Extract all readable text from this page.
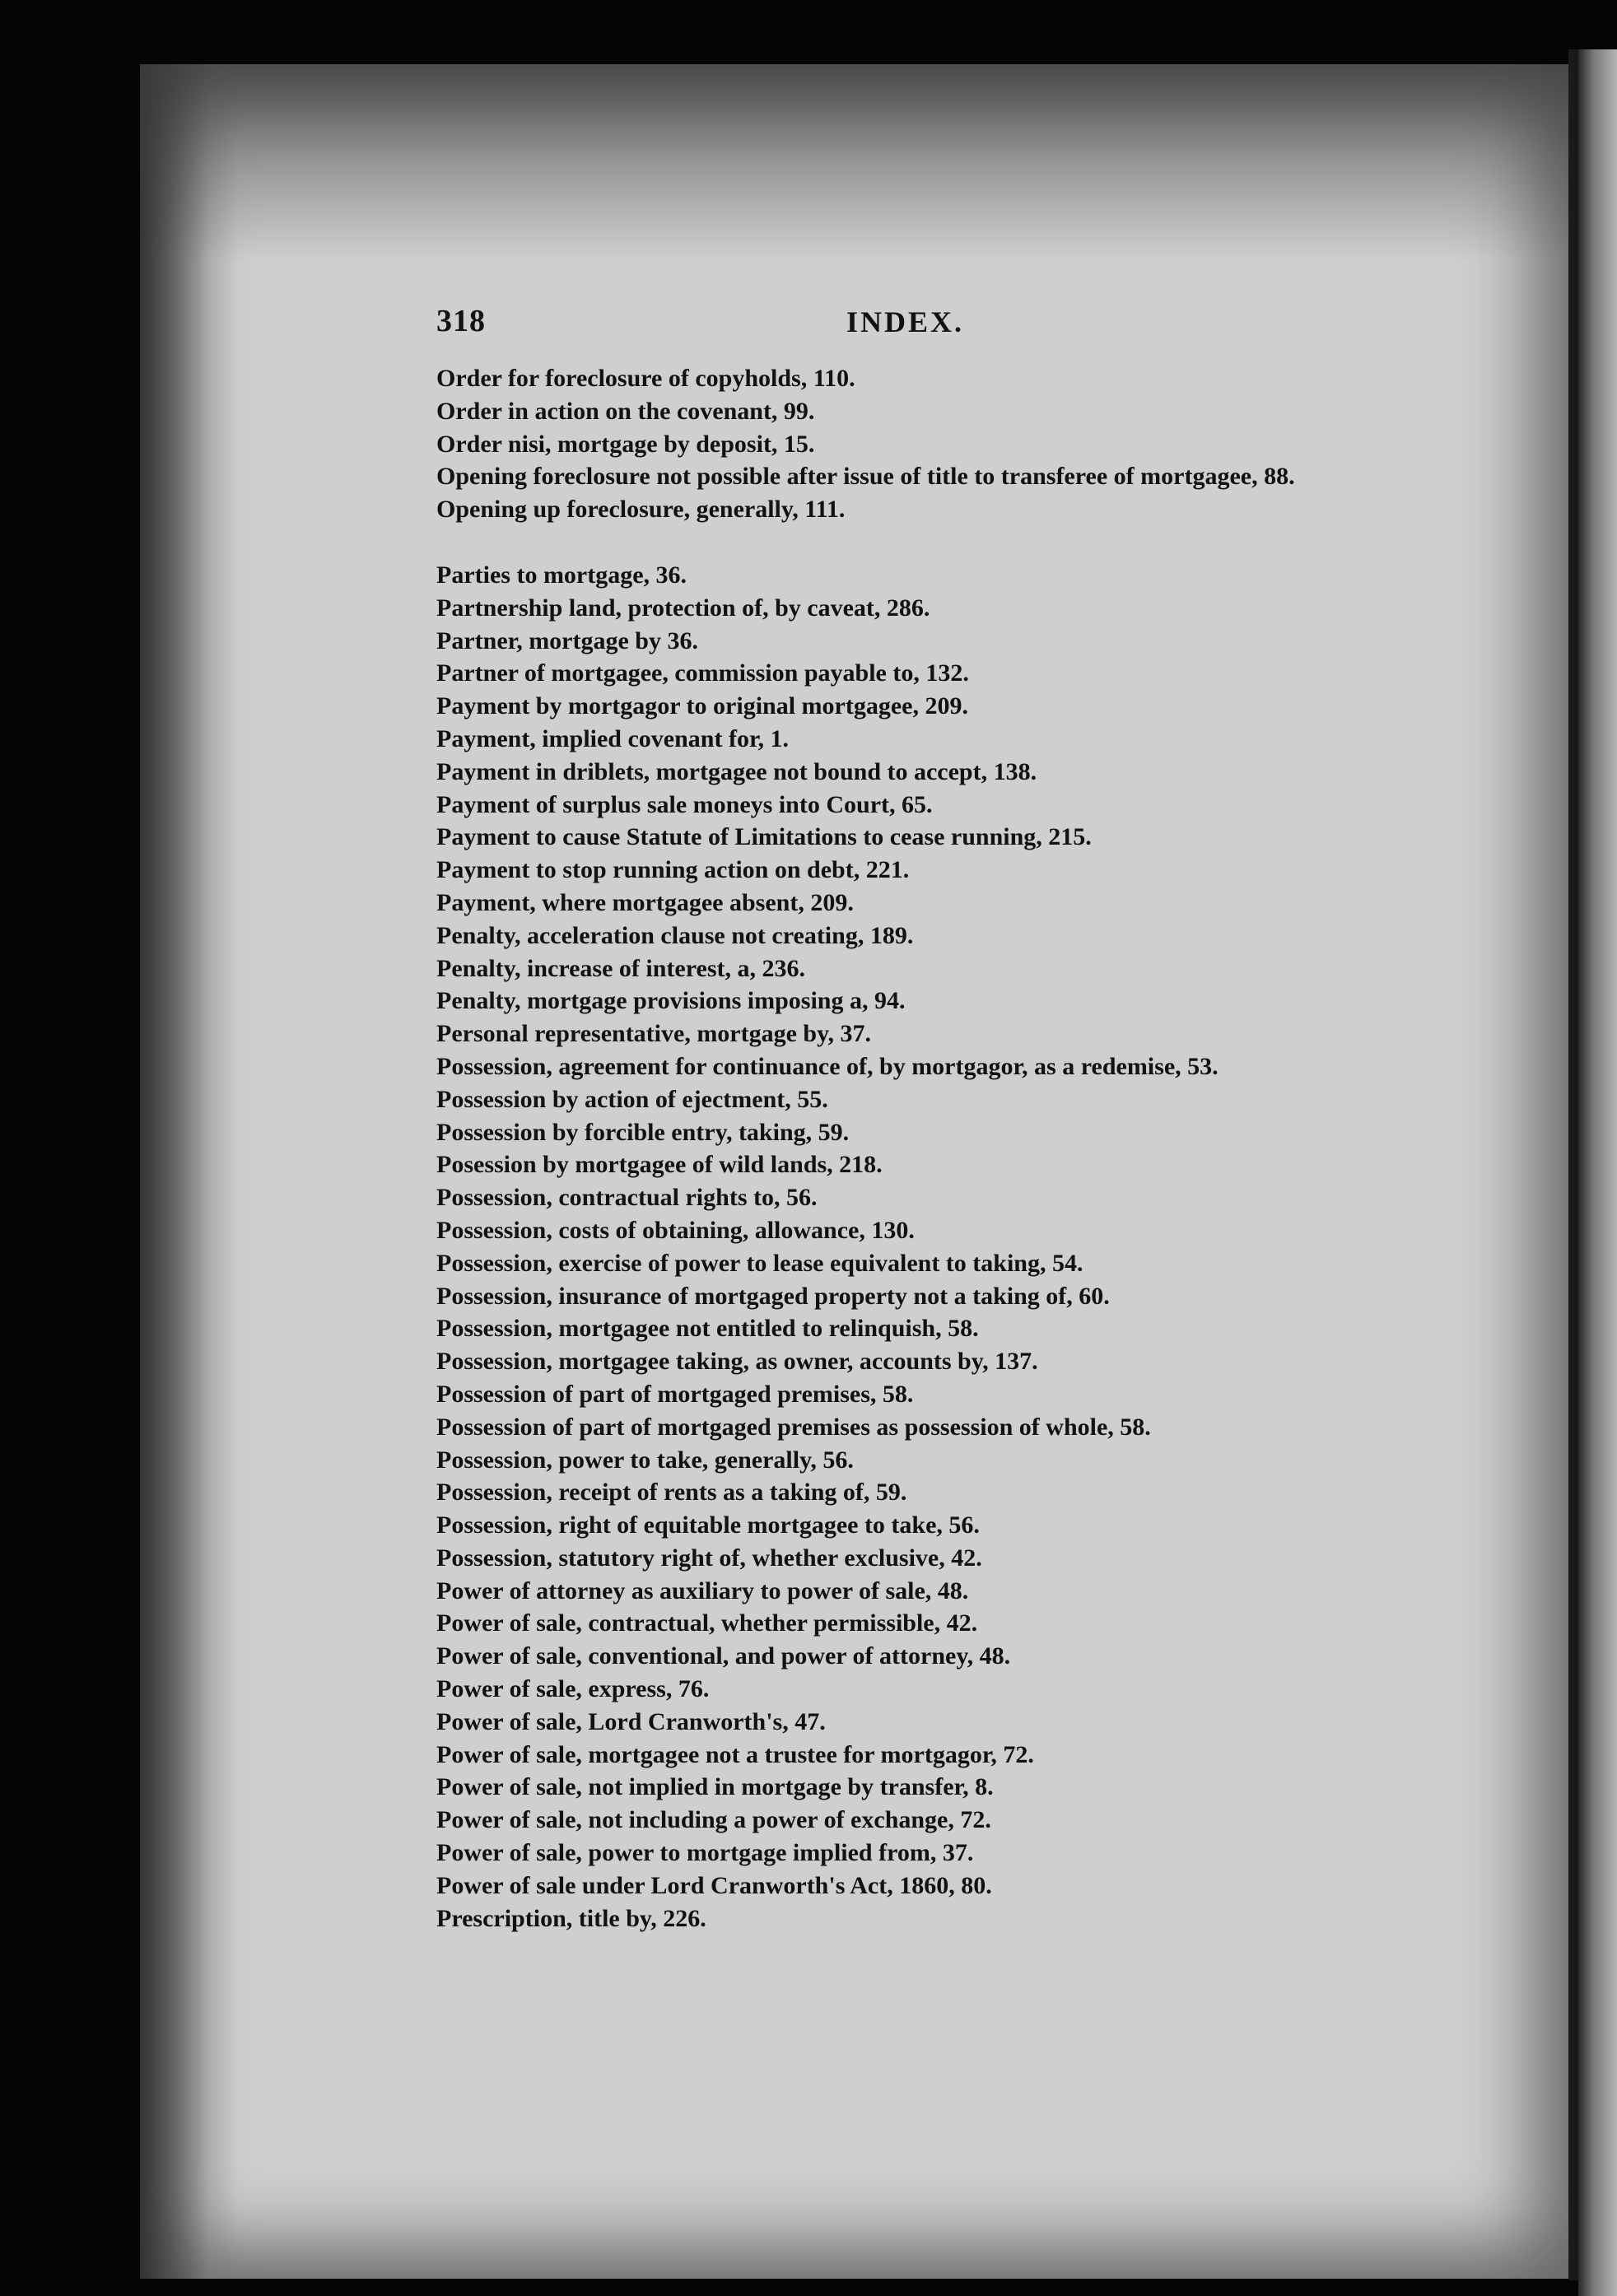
318	INDEX.

Order for foreclosure of copyholds, 110.

Order in action on the covenant, 99.

Order nisi, mortgage by deposit, 15.

Opening foreclosure not possible after issue of title to transferee of mortgagee, 88.

Opening up foreclosure, generally, 111.

Parties to mortgage, 36.

Partnership land, protection of, by caveat, 286.

Partner, mortgage by 36.

Partner of mortgagee, commission payable to, 132.

Payment by mortgagor to original mortgagee, 209.

Payment, implied covenant for, 1.

Payment in driblets, mortgagee not bound to accept, 138.

Payment of surplus sale moneys into Court, 65.

Payment to cause Statute of Limitations to cease running, 215.

Payment to stop running action on debt, 221.

Payment, where mortgagee absent, 209.

Penalty, acceleration clause not creating, 189.

Penalty, increase of interest, a, 236.

Penalty, mortgage provisions imposing a, 94.

Personal representative, mortgage by, 37.

Possession, agreement for continuance of, by mortgagor, as a redemise, 53.

Possession by action of ejectment, 55.

Possession by forcible entry, taking, 59.

Posession by mortgagee of wild lands, 218.

Possession, contractual rights to, 56.

Possession, costs of obtaining, allowance, 130.

Possession, exercise of power to lease equivalent to taking, 54.

Possession, insurance of mortgaged property not a taking of, 60.

Possession, mortgagee not entitled to relinquish, 58.

Possession, mortgagee taking, as owner, accounts by, 137.

Possession of part of mortgaged premises, 58.

Possession of part of mortgaged premises as possession of whole, 58.

Possession, power to take, generally, 56.

Possession, receipt of rents as a taking of, 59.

Possession, right of equitable mortgagee to take, 56.

Possession, statutory right of, whether exclusive, 42.

Power of attorney as auxiliary to power of sale, 48.

Power of sale, contractual, whether permissible, 42.

Power of sale, conventional, and power of attorney, 48.

Power of sale, express, 76.

Power of sale, Lord Cranworth's, 47.

Power of sale, mortgagee not a trustee for mortgagor, 72.

Power of sale, not implied in mortgage by transfer, 8.

Power of sale, not including a power of exchange, 72.

Power of sale, power to mortgage implied from, 37.

Power of sale under Lord Cranworth's Act, 1860, 80.

Prescription, title by, 226.
